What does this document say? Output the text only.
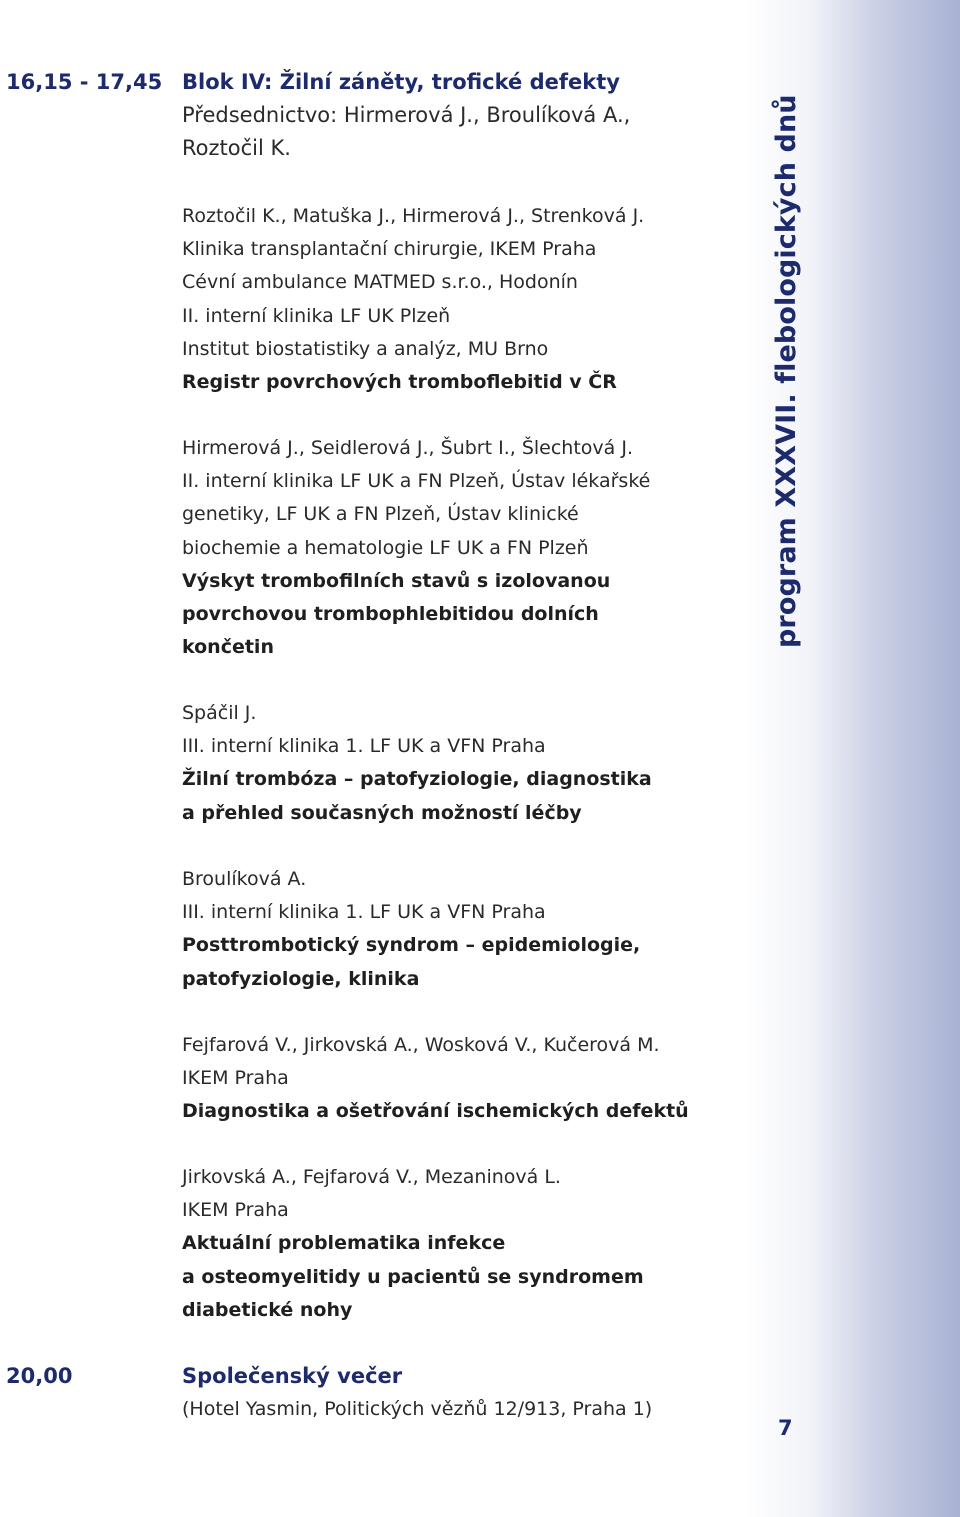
program XXXVII. flebologických dnů
7
16,15 - 17,45 Blok IV: Žilní záněty, trofické defekty
Předsednictvo: Hirmerová J., Broulíková A.,
Roztočil K.
Roztočil K., Matuška J., Hirmerová J., Strenková J.
Klinika transplantační chirurgie, IKEM Praha
Cévní ambulance MATMED s.r.o., Hodonín
II. interní klinika LF UK Plzeň
Institut biostatistiky a analýz, MU Brno
Registr povrchových tromboflebitid v ČR
Hirmerová J., Seidlerová J., Šubrt I., Šlechtová J.
II. interní klinika LF UK a FN Plzeň, Ústav lékařské
genetiky, LF UK a FN Plzeň, Ústav klinické
biochemie a hematologie LF UK a FN Plzeň
Výskyt trombofilních stavů s izolovanou
povrchovou trombophlebitidou dolních
končetin
Spáčil J.
III. interní klinika 1. LF UK a VFN Praha
Žilní trombóza – patofyziologie, diagnostika
a přehled současných možností léčby
Broulíková A.
III. interní klinika 1. LF UK a VFN Praha
Posttrombotický syndrom – epidemiologie,
patofyziologie, klinika
Fejfarová V., Jirkovská A., Wosková V., Kučerová M.
IKEM Praha
Diagnostika a ošetřování ischemických defektů
Jirkovská A., Fejfarová V., Mezaninová L.
IKEM Praha
Aktuální problematika infekce
a osteomyelitidy u pacientů se syndromem
diabetické nohy
20,00	Společenský večer
(Hotel Yasmin, Politických vězňů 12/913, Praha 1)
